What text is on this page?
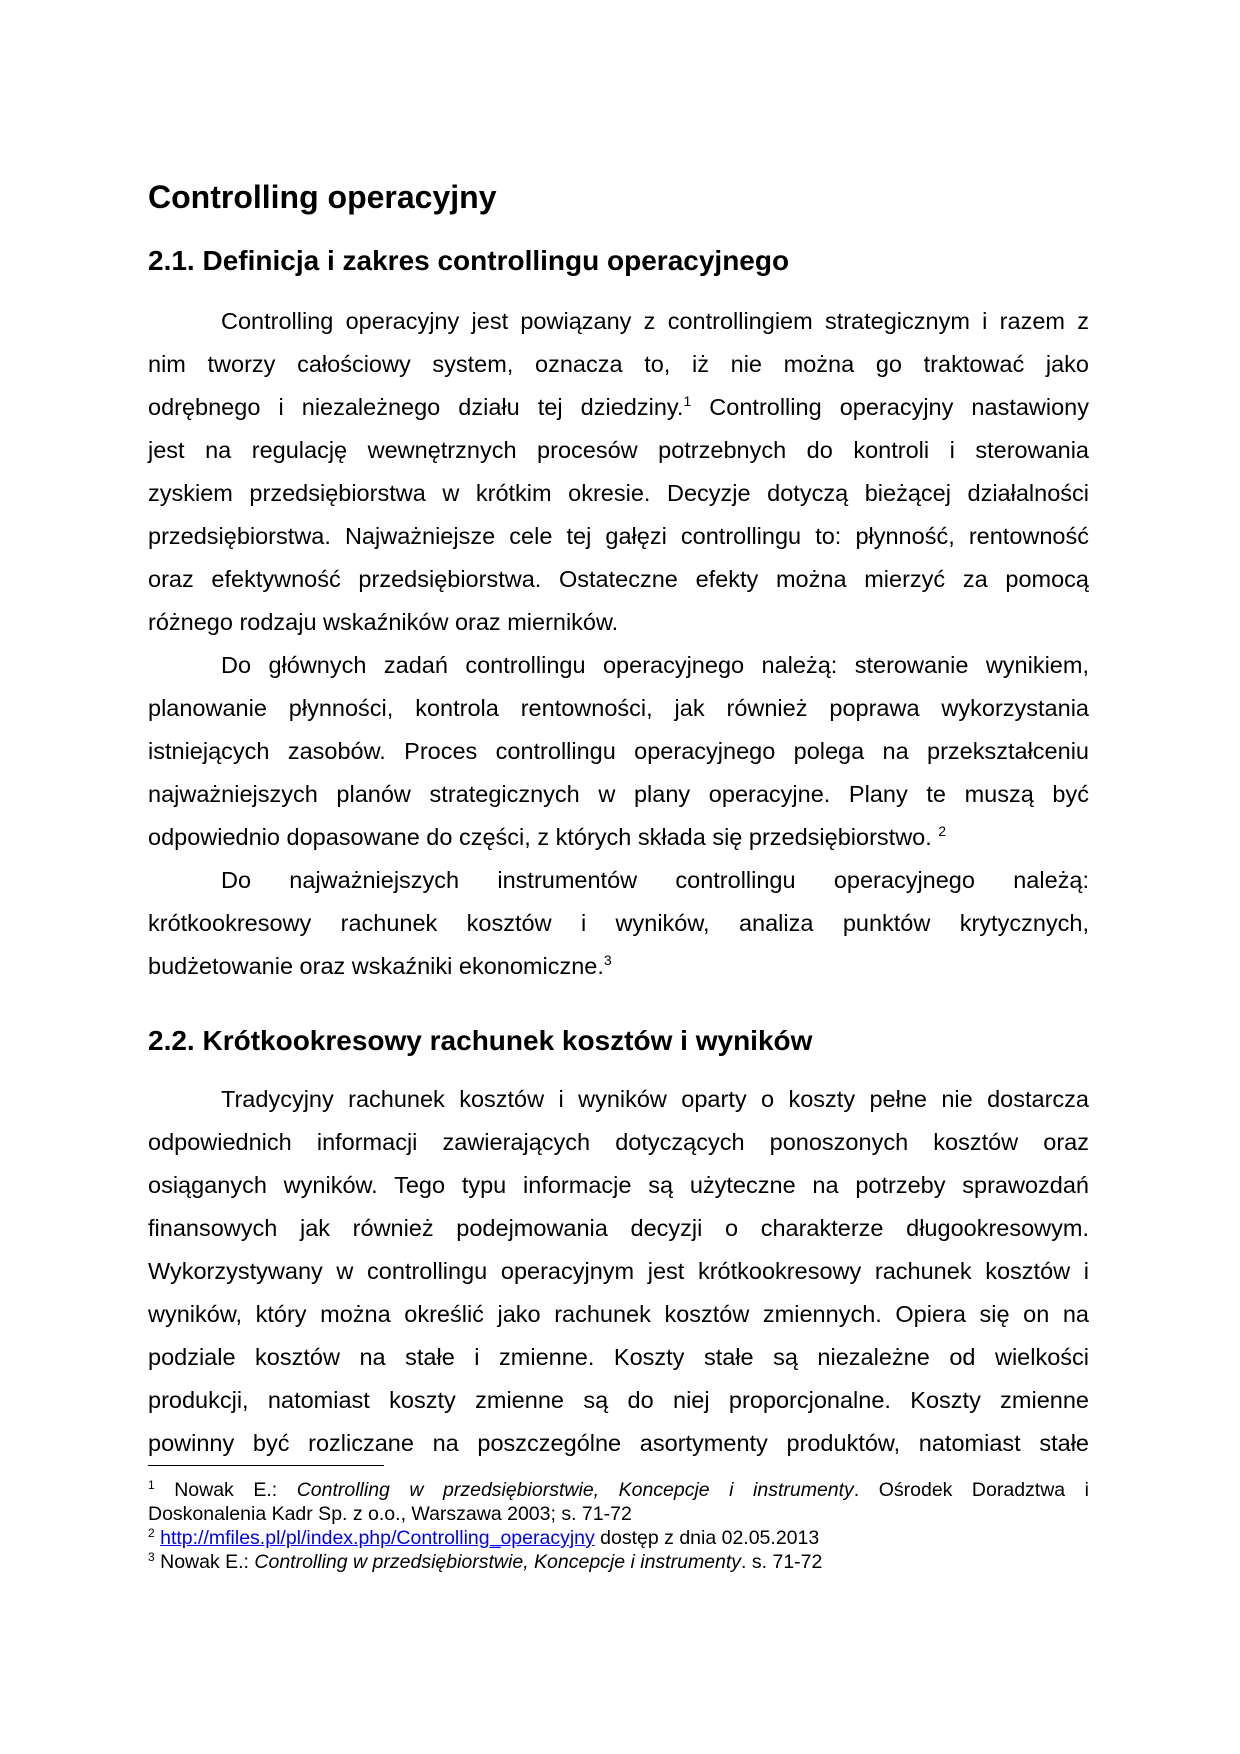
Controlling operacyjny
2.1. Definicja i zakres controllingu operacyjnego
Controlling operacyjny jest powiązany z controllingiem strategicznym i razem z
nim tworzy całościowy system, oznacza to, iż nie można go traktować jako
odrębnego i niezależnego działu tej dziedziny.$^1$ Controlling operacyjny nastawiony
jest na regulację wewnętrznych procesów potrzebnych do kontroli i sterowania
zyskiem przedsiębiorstwa w krótkim okresie. Decyzje dotyczą bieżącej działalności
przedsiębiorstwa. Najważniejsze cele tej gałęzi controllingu to: płynność, rentowność
oraz efektywność przedsiębiorstwa. Ostateczne efekty można mierzyć za pomocą
różnego rodzaju wskaźników oraz mierników.
Do głównych zadań controllingu operacyjnego należą: sterowanie wynikiem,
planowanie płynności, kontrola rentowności, jak również poprawa wykorzystania
istniejących zasobów. Proces controllingu operacyjnego polega na przekształceniu
najważniejszych planów strategicznych w plany operacyjne. Plany te muszą być
odpowiednio dopasowane do części, z których składa się przedsiębiorstwo. $^2$
Do najważniejszych instrumentów controllingu operacyjnego należą:
krótkookresowy rachunek kosztów i wyników, analiza punktów krytycznych,
budżetowanie oraz wskaźniki ekonomiczne.$^3$
2.2. Krótkookresowy rachunek kosztów i wyników
Tradycyjny rachunek kosztów i wyników oparty o koszty pełne nie dostarcza
odpowiednich informacji zawierających dotyczących ponoszonych kosztów oraz
osiąganych wyników. Tego typu informacje są użyteczne na potrzeby sprawozdań
finansowych jak również podejmowania decyzji o charakterze długookresowym.
Wykorzystywany w controllingu operacyjnym jest krótkookresowy rachunek kosztów i
wyników, który można określić jako rachunek kosztów zmiennych. Opiera się on na
podziale kosztów na stałe i zmienne. Koszty stałe są niezależne od wielkości
produkcji, natomiast koszty zmienne są do niej proporcjonalne. Koszty zmienne
powinny być rozliczane na poszczególne asortymenty produktów, natomiast stałe
$^1$ Nowak E.: Controlling w przedsiębiorstwie, Koncepcje i instrumenty. Ośrodek Doradztwa i
Doskonalenia Kadr Sp. z o.o., Warszawa 2003; s. 71-72
$^2$ http://mfiles.pl/pl/index.php/Controlling_operacyjny dostęp z dnia 02.05.2013
$^3$ Nowak E.: Controlling w przedsiębiorstwie, Koncepcje i instrumenty. s. 71-72
